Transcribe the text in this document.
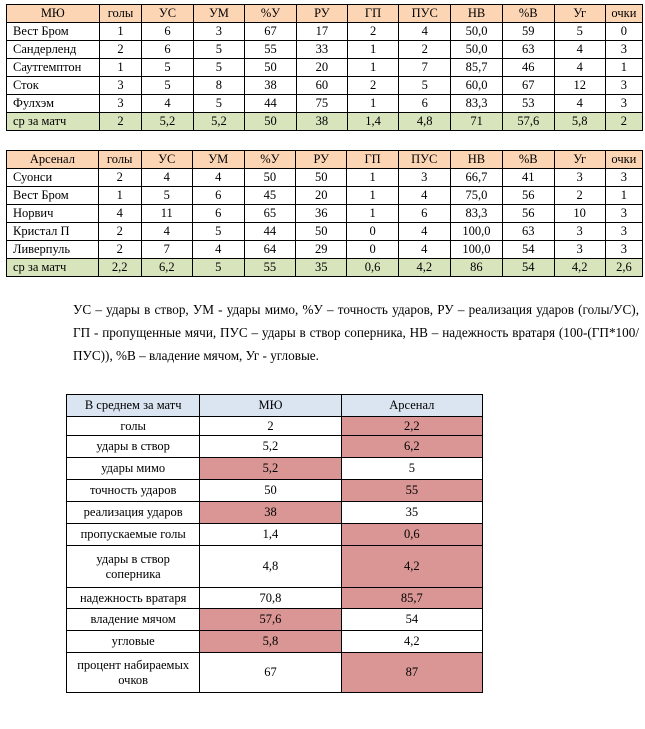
МЮ	голы	УС	УМ	%У	РУ	ГП	ПУС	НВ	%В	Уг	очки
Вест Бром	1	6	3	67	17	2	4	50,0	59	5	0
Сандерленд	2	6	5	55	33	1	2	50,0	63	4	3
Саутгемптон	1	5	5	50	20	1	7	85,7	46	4	1
Сток	3	5	8	38	60	2	5	60,0	67	12	3
Фулхэм	3	4	5	44	75	1	6	83,3	53	4	3
ср за матч	2	5,2	5,2	50	38	1,4	4,8	71	57,6	5,8	2
Арсенал	голы	УС	УМ	%У	РУ	ГП	ПУС	НВ	%В	Уг	очки
Суонси	2	4	4	50	50	1	3	66,7	41	3	3
Вест Бром	1	5	6	45	20	1	4	75,0	56	2	1
Норвич	4	11	6	65	36	1	6	83,3	56	10	3
Кристал П	2	4	5	44	50	0	4	100,0	63	3	3
Ливерпуль	2	7	4	64	29	0	4	100,0	54	3	3
ср за матч	2,2	6,2	5	55	35	0,6	4,2	86	54	4,2	2,6
УС – удары в створ, УМ - удары мимо, %У – точность ударов, РУ – реализация ударов (голы/УС), ГП - пропущенные мячи, ПУС – удары в створ соперника, НВ – надежность вратаря (100-(ГП*100/ПУС)), %В – владение мячом, Уг - угловые.
В среднем за матч	МЮ	Арсенал
голы	2	2,2
удары в створ	5,2	6,2
удары мимо	5,2	5
точность ударов	50	55
реализация ударов	38	35
пропускаемые голы	1,4	0,6
удары в створ соперника	4,8	4,2
надежность вратаря	70,8	85,7
владение мячом	57,6	54
угловые	5,8	4,2
процент набираемых очков	67	87
